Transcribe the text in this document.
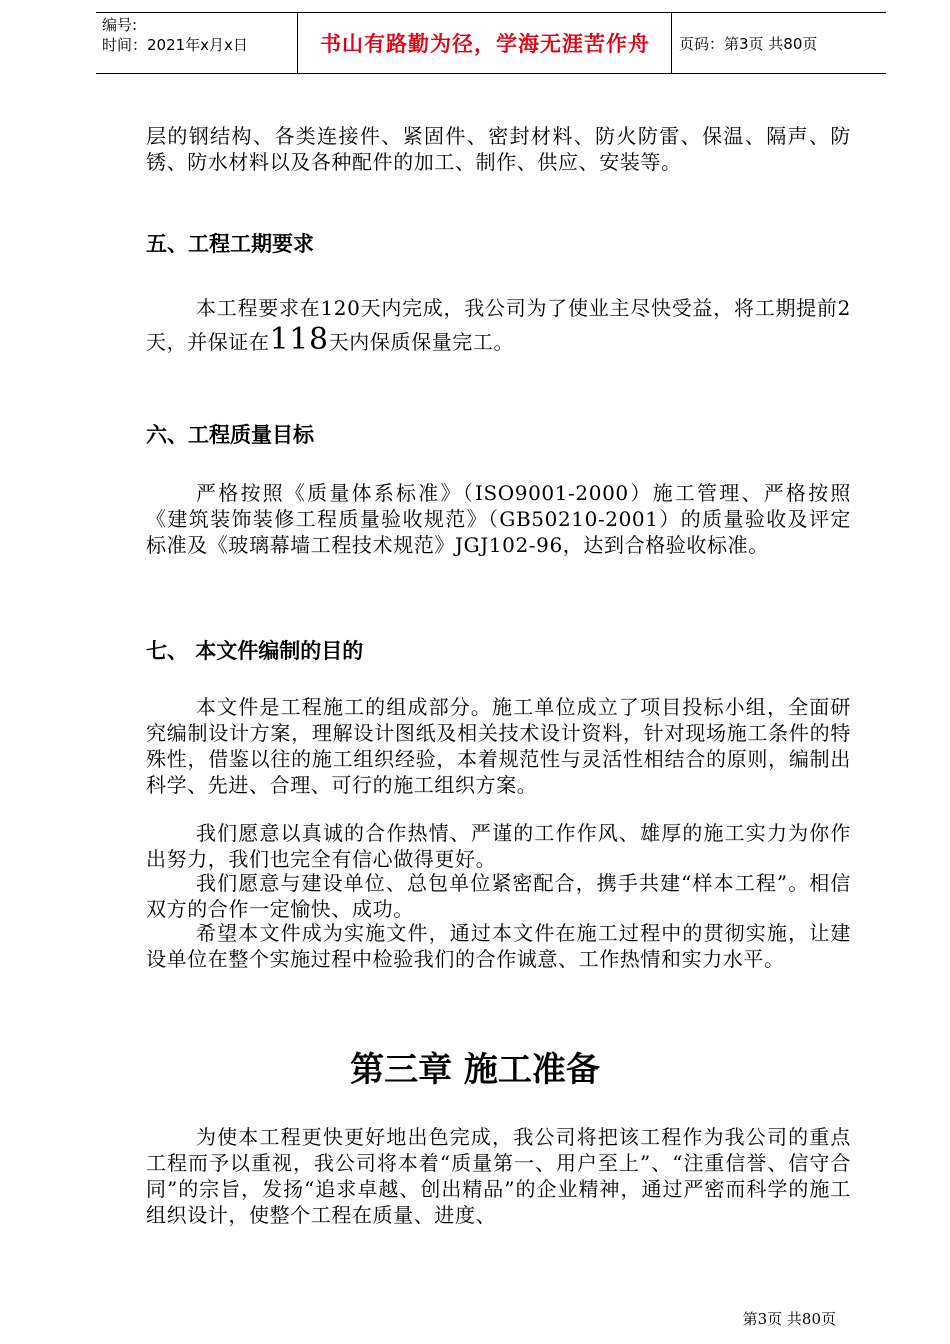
编号:
时间：2021年x月x日	书山有路勤为径，学海无涯苦作舟	页码：第3页 共80页

层的钢结构、各类连接件、紧固件、密封材料、防火防雷、保温、隔声、防锈、防水材料以及各种配件的加工、制作、供应、安装等。

五、工程工期要求

本工程要求在120天内完成，我公司为了使业主尽快受益，将工期提前2天，并保证在118天内保质保量完工。

六、工程质量目标

严格按照《质量体系标准》（ISO9001-2000）施工管理、严格按照《建筑装饰装修工程质量验收规范》（GB50210-2001）的质量验收及评定标准及《玻璃幕墙工程技术规范》JGJ102-96，达到合格验收标准。

七、 本文件编制的目的

本文件是工程施工的组成部分。施工单位成立了项目投标小组，全面研究编制设计方案，理解设计图纸及相关技术设计资料，针对现场施工条件的特殊性，借鉴以往的施工组织经验，本着规范性与灵活性相结合的原则，编制出科学、先进、合理、可行的施工组织方案。

我们愿意以真诚的合作热情、严谨的工作作风、雄厚的施工实力为你作出努力，我们也完全有信心做得更好。

我们愿意与建设单位、总包单位紧密配合，携手共建“样本工程”。相信双方的合作一定愉快、成功。

希望本文件成为实施文件，通过本文件在施工过程中的贯彻实施，让建设单位在整个实施过程中检验我们的合作诚意、工作热情和实力水平。

第三章 施工准备

为使本工程更快更好地出色完成，我公司将把该工程作为我公司的重点工程而予以重视，我公司将本着“质量第一、用户至上”、“注重信誉、信守合同”的宗旨，发扬“追求卓越、创出精品”的企业精神，通过严密而科学的施工组织设计，使整个工程在质量、进度、

第3页 共80页
